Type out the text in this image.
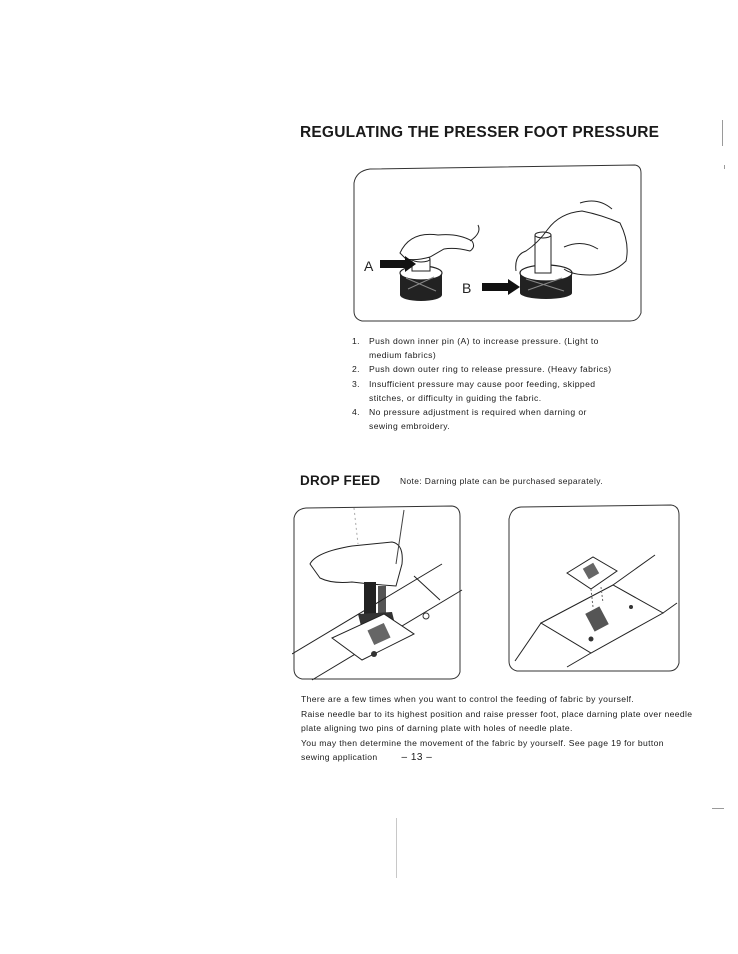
REGULATING THE PRESSER FOOT PRESSURE
A
B
1. Push down inner pin (A) to increase pressure. (Light to medium fabrics)
2. Push down outer ring to release pressure. (Heavy fabrics)
3. Insufficient pressure may cause poor feeding, skipped stitches, or difficulty in guiding the fabric.
4. No pressure adjustment is required when darning or sewing embroidery.
DROP FEED Note: Darning plate can be purchased separately.

There are a few times when you want to control the feeding of fabric by yourself.

Raise needle bar to its highest position and raise presser foot, place darning plate over needle plate aligning two pins of darning plate with holes of needle plate.

You may then determine the movement of the fabric by yourself. See page 19 for button sewing application – 13 –
